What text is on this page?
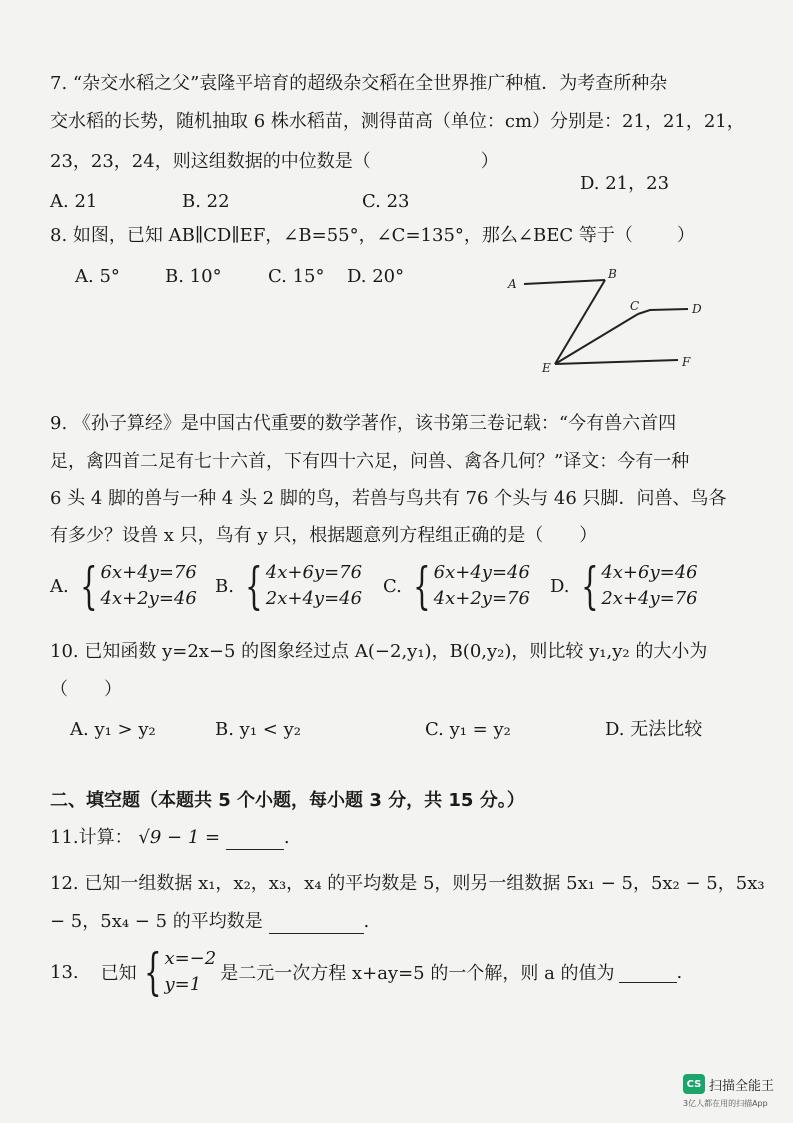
7. “杂交水稻之父”袁隆平培育的超级杂交稻在全世界推广种植．为考查所种杂
交水稻的长势，随机抽取 6 株水稻苗，测得苗高（单位：cm）分别是：21，21，21，
23，23，24，则这组数据的中位数是（	）
A. 21	B. 22	C. 23
D. 21，23
8. 如图，已知 AB∥CD∥EF，∠B=55°，∠C=135°，那么∠BEC 等于（ ）
A. 5°	B. 10°	C. 15° D. 20°	A
B
C	D
E	F
9. 《孙子算经》是中国古代重要的数学著作，该书第三卷记载：“今有兽六首四
足，禽四首二足有七十六首，下有四十六足，问兽、禽各几何？”译文：今有一种
6 头 4 脚的兽与一种 4 头 2 脚的鸟，若兽与鸟共有 76 个头与 46 只脚．问兽、鸟各
有多少？设兽 x 只，鸟有 y 只，根据题意列方程组正确的是（　　）
A. { 6x+4y=76
4x+2y=46
B. { 4x+6y=76
2x+4y=46
C. { 6x+4y=46
4x+2y=76
D. { 4x+6y=46
2x+4y=76
10. 已知函数 y=2x−5 的图象经过点 A(−2,y₁)，B(0,y₂)，则比较 y₁,y₂ 的大小为
（　　）
A. y₁ > y₂	B. y₁ < y₂	C. y₁ = y₂	D. 无法比较
二、填空题（本题共 5 个小题，每小题 3 分，共 15 分。）
11.计算： √9 − 1 =	.
12. 已知一组数据 x₁，x₂，x₃，x₄ 的平均数是 5，则另一组数据 5x₁ − 5，5x₂ − 5，5x₃
− 5，5x₄ − 5 的平均数是	.
13. 已知 { x=−2
y=1
是二元一次方程 x+ay=5 的一个解，则 a 的值为	.
CS 扫描全能王
3亿人都在用的扫描App
